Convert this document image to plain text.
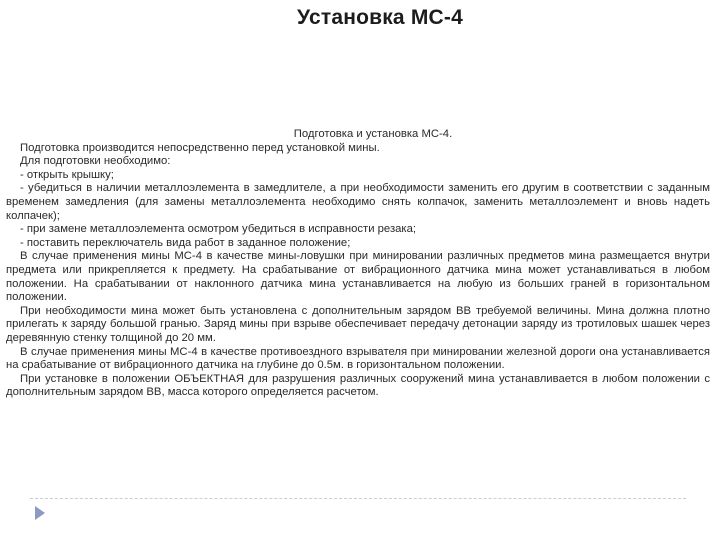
Установка МС-4

Подготовка и установка МС-4.

Подготовка производится непосредственно перед установкой мины.

Для подготовки необходимо:

- открыть крышку;

- убедиться в наличии металлоэлемента в замедлителе, а при необходимости заменить его другим в соответствии с заданным временем замедления (для замены металлоэлемента необходимо снять колпачок, заменить металлоэлемент и вновь надеть колпачек);

- при замене металлоэлемента осмотром убедиться в исправности резака;

- поставить переключатель вида работ в заданное положение;

В случае применения мины МС-4 в качестве мины-ловушки при минировании различных предметов мина размещается внутри предмета или прикрепляется к предмету. На срабатывание от вибрационного датчика мина может устанавливаться в любом положении. На срабатывании от наклонного датчика мина устанавливается на любую из больших граней в горизонтальном положении.

При необходимости мина может быть установлена с дополнительным зарядом ВВ требуемой величины. Мина должна плотно прилегать к заряду большой гранью. Заряд мины при взрыве обеспечивает передачу детонации заряду из тротиловых шашек через деревянную стенку толщиной до 20 мм.

В случае применения мины МС-4 в качестве противоездного взрывателя при минировании железной дороги она устанавливается на срабатывание от вибрационного датчика на глубине до 0.5м. в горизонтальном положении.

При установке в положении ОБЪЕКТНАЯ для разрушения различных сооружений мина устанавливается в любом положении с дополнительным зарядом ВВ, масса которого определяется расчетом.
